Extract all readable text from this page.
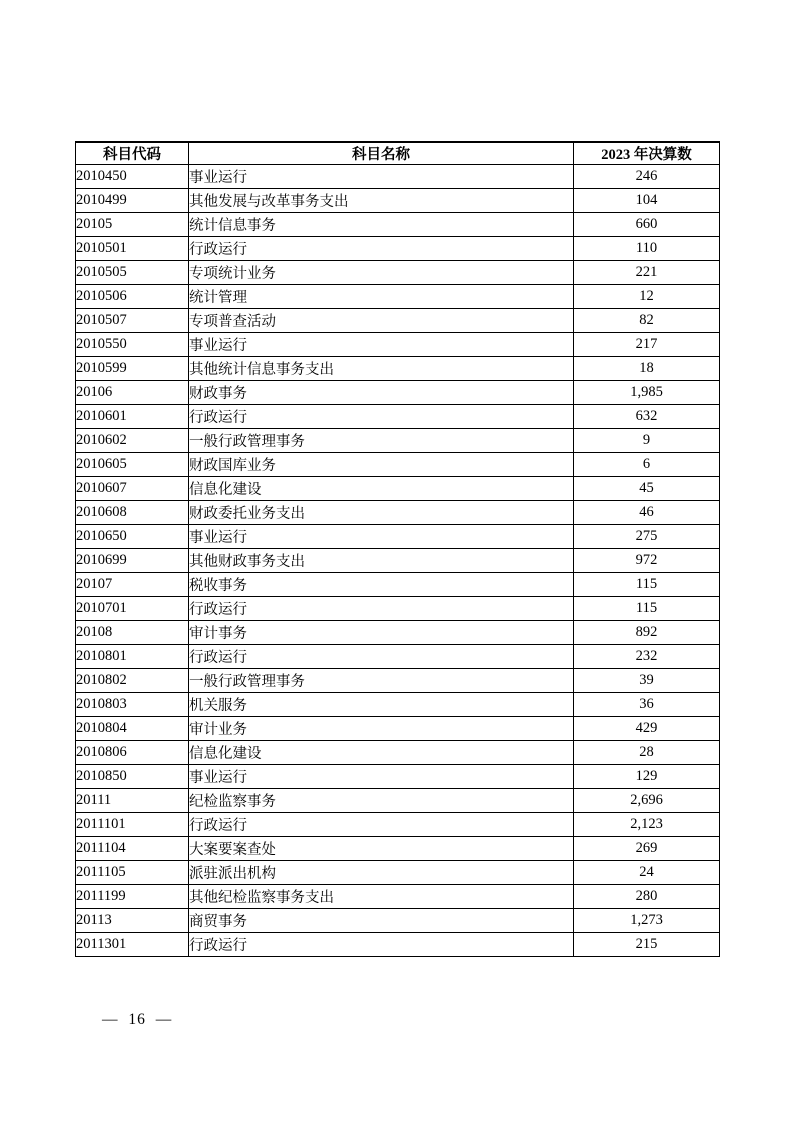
科目代码	科目名称	2023 年决算数
2010450	事业运行	246
2010499	其他发展与改革事务支出	104
20105	统计信息事务	660
2010501	行政运行	110
2010505	专项统计业务	221
2010506	统计管理	12
2010507	专项普查活动	82
2010550	事业运行	217
2010599	其他统计信息事务支出	18
20106	财政事务	1,985
2010601	行政运行	632
2010602	一般行政管理事务	9
2010605	财政国库业务	6
2010607	信息化建设	45
2010608	财政委托业务支出	46
2010650	事业运行	275
2010699	其他财政事务支出	972
20107	税收事务	115
2010701	行政运行	115
20108	审计事务	892
2010801	行政运行	232
2010802	一般行政管理事务	39
2010803	机关服务	36
2010804	审计业务	429
2010806	信息化建设	28
2010850	事业运行	129
20111	纪检监察事务	2,696
2011101	行政运行	2,123
2011104	大案要案查处	269
2011105	派驻派出机构	24
2011199	其他纪检监察事务支出	280
20113	商贸事务	1,273
2011301	行政运行	215
— 16 —
